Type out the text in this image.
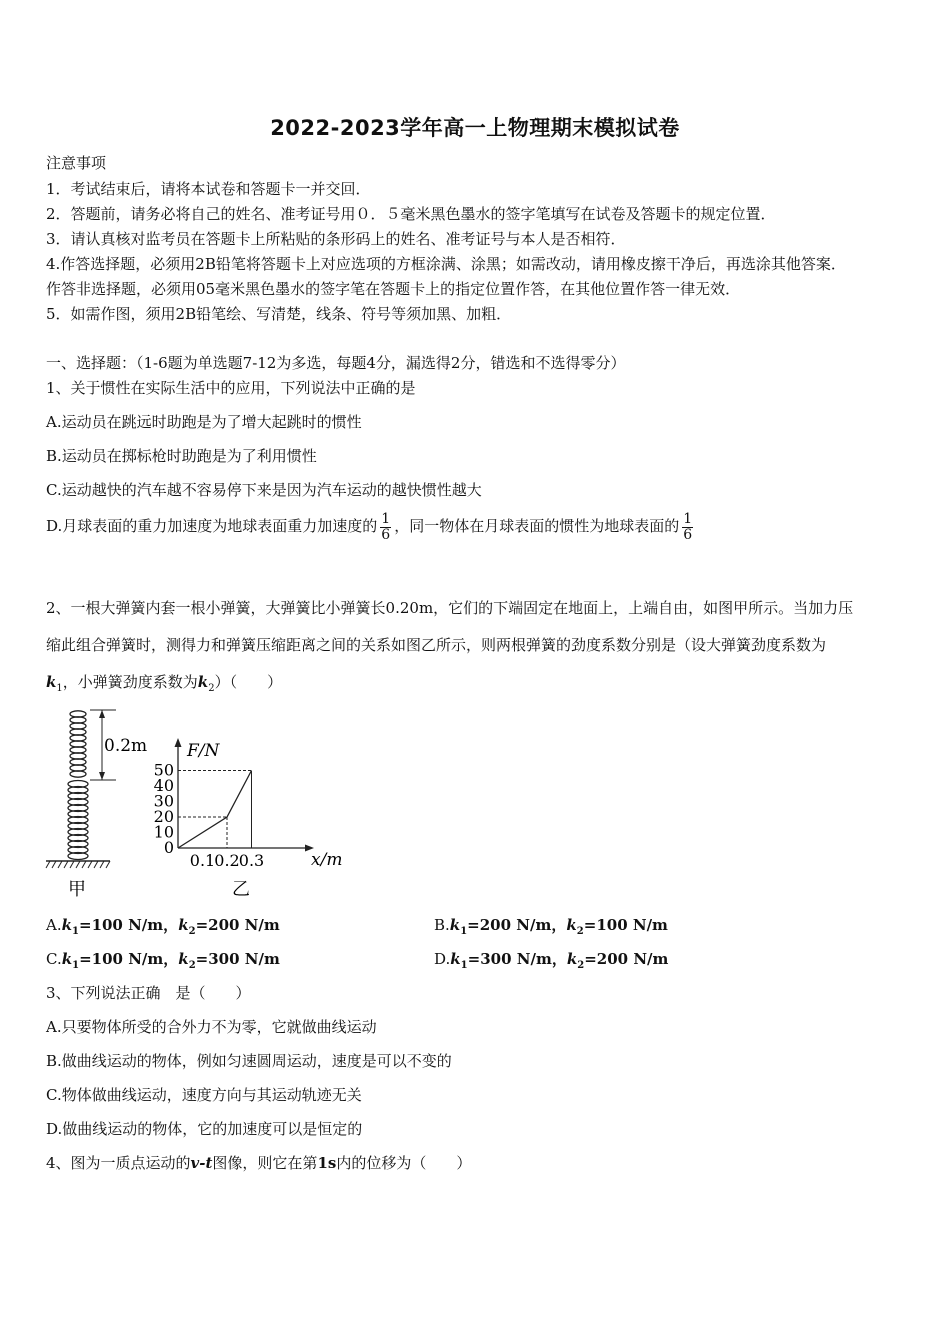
2022-2023学年高一上物理期末模拟试卷
注意事项
1．考试结束后，请将本试卷和答题卡一并交回．
2．答题前，请务必将自己的姓名、准考证号用０．５毫米黑色墨水的签字笔填写在试卷及答题卡的规定位置．
3．请认真核对监考员在答题卡上所粘贴的条形码上的姓名、准考证号与本人是否相符．
4.作答选择题，必须用2B铅笔将答题卡上对应选项的方框涂满、涂黑；如需改动，请用橡皮擦干净后，再选涂其他答案．
作答非选择题，必须用05毫米黑色墨水的签字笔在答题卡上的指定位置作答，在其他位置作答一律无效．
5．如需作图，须用2B铅笔绘、写清楚，线条、符号等须加黑、加粗．
一、选择题：（1-6题为单选题7-12为多选，每题4分，漏选得2分，错选和不选得零分）
1、关于惯性在实际生活中的应用，下列说法中正确的是
A.运动员在跳远时助跑是为了增大起跳时的惯性
B.运动员在掷标枪时助跑是为了利用惯性
C.运动越快的汽车越不容易停下来是因为汽车运动的越快惯性越大
D.月球表面的重力加速度为地球表面重力加速度的 $\frac{1}{6}$ ，同一物体在月球表面的惯性为地球表面的 $\frac{1}{6}$
2、一根大弹簧内套一根小弹簧，大弹簧比小弹簧长0.20m，它们的下端固定在地面上，上端自由，如图甲所示。当加力压
缩此组合弹簧时，测得力和弹簧压缩距离之间的关系如图乙所示，则两根弹簧的劲度系数分别是（设大弹簧劲度系数为
$k_1$，小弹簧劲度系数为$k_2$）（　　）
0.2m
甲
F/N
x/m
0
10
20
30
40
50
0.1 0.2 0.3
乙
$A.k_1=100$ N/m，$k_2=200$ N/m	$B.k_1=200$ N/m，$k_2=100$ N/m
$C.k_1=100$ N/m，$k_2=300$ N/m	$D.k_1=300$ N/m，$k_2=200$ N/m
3、下列说法正确　是（　　）
A.只要物体所受的合外力不为零，它就做曲线运动
B.做曲线运动的物体，例如匀速圆周运动，速度是可以不变的
C.物体做曲线运动，速度方向与其运动轨迹无关
D.做曲线运动的物体，它的加速度可以是恒定的
4、图为一质点运动的v-t图像，则它在第1s内的位移为（　　）
